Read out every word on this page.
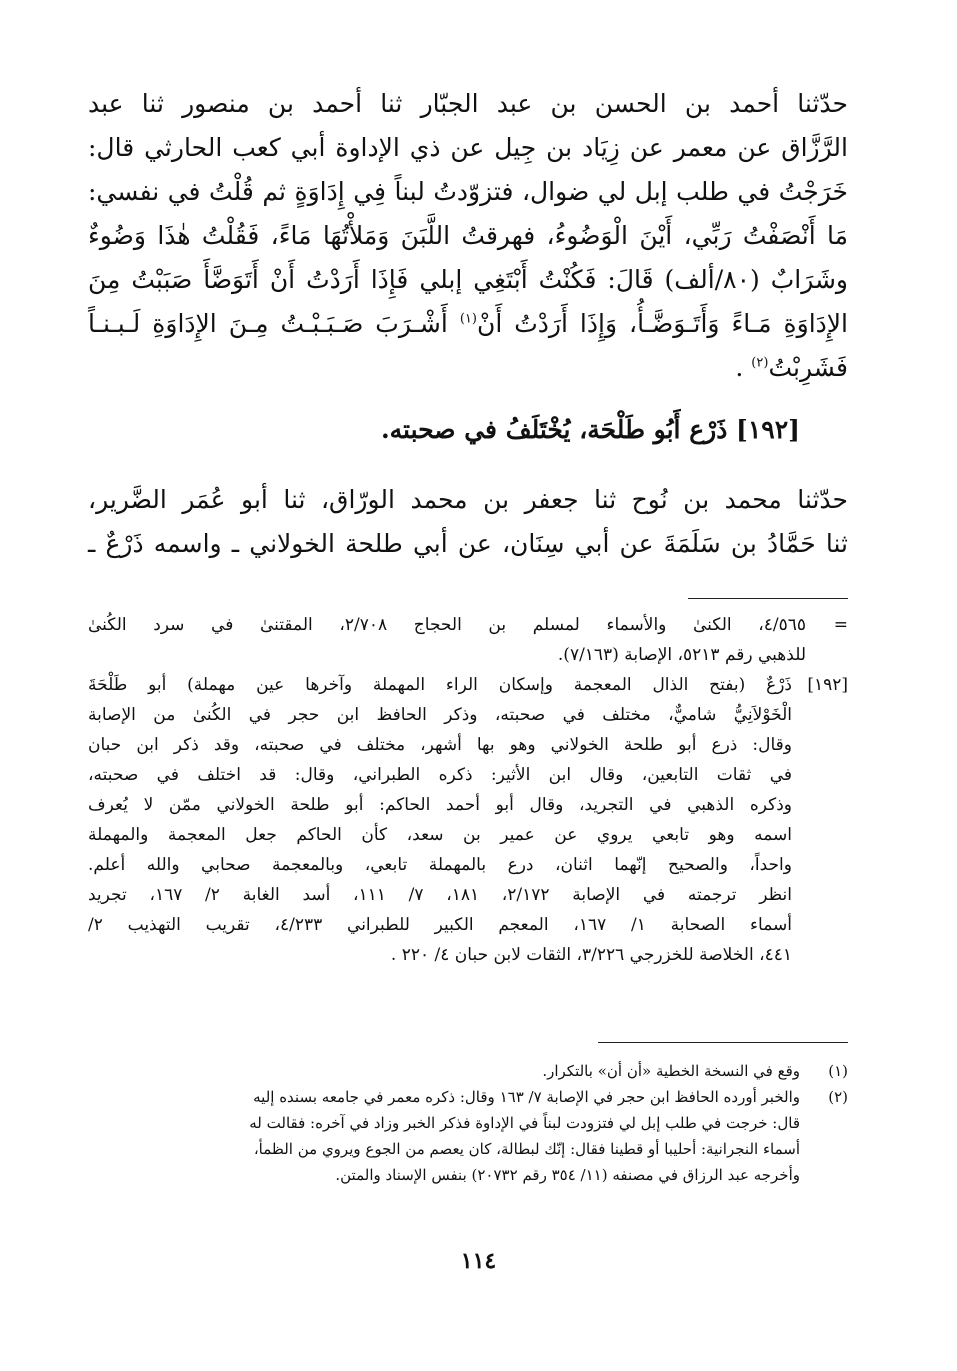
حدّثنا أحمد بن الحسن بن عبد الجبّار ثنا أحمد بن منصور ثنا عبد
الرَّزَّاق عن معمر عن زِيَاد بن جِيل عن ذي الإداوة أبي كعب الحارثي قال:
خَرَجْتُ في طلب إبل لي ضوال، فتزوّدتُ لبناً فِي إِدَاوَةٍ ثم قُلْتُ في نفسي:
مَا أَنْصَفْتُ رَبِّي، أَيْنَ الْوَضُوءُ، فهرقتُ اللَّبَنَ وَمَلأْتُهَا مَاءً، فَقُلْتُ هٰذَا وَضُوءٌ
وشَرَابٌ (٨٠/ألف) قَالَ: فَكُنْتُ أَبْتَغِي إبلي فَإِذَا أَرَدْتُ أَنْ أَتَوَضَّأَ صَبَبْتُ مِنَ
الإِدَاوَةِ مَـاءً وَأَتَـوَضَّـأُ، وَإِذَا أَرَدْتُ أَنْ$^{(١)}$ أَشْـرَبَ صَـبَـبْـتُ مِـنَ الإِدَاوَةِ لَـبـنـاً
فَشَرِبْتُ$^{(٢)}$ .
[١٩٢] ذَرْع أَبُو طَلْحَة، يُخْتَلَفُ في صحبته.
حدّثنا محمد بن نُوح ثنا جعفر بن محمد الورّاق، ثنا أبو عُمَر الضَّرير،
ثنا حَمَّادُ بن سَلَمَةَ عن أبي سِنَان، عن أبي طلحة الخولاني ـ واسمه ذَرْعٌ ـ
=
٤/٥٦٥، الكنىٰ والأسماء لمسلم بن الحجاج ٢/٧٠٨، المقتنىٰ في سرد الكُنىٰ
للذهبي رقم ٥٢١٣، الإصابة (٧/١٦٣).
[١٩٢]
ذَرْعٌ (بفتح الذال المعجمة وإسكان الراء المهملة وآخرها عين مهملة) أبو طَلْحَةَ
الْخَوْلاَنِيُّ شاميٌّ، مختلف في صحبته، وذكر الحافظ ابن حجر في الكُنىٰ من الإصابة
وقال: ذرع أبو طلحة الخولاني وهو بها أشهر، مختلف في صحبته، وقد ذكر ابن حبان
في ثقات التابعين، وقال ابن الأثير: ذكره الطبراني، وقال: قد اختلف في صحبته،
وذكره الذهبي في التجريد، وقال أبو أحمد الحاكم: أبو طلحة الخولاني ممّن لا يُعرف
اسمه وهو تابعي يروي عن عمير بن سعد، كأن الحاكم جعل المعجمة والمهملة
واحداً، والصحيح إنّهما اثنان، درع بالمهملة تابعي، وبالمعجمة صحابي والله أعلم.
انظر ترجمته في الإصابة ٢/١٧٢، ١٨١، ٧/ ١١١، أسد الغابة ٢/ ١٦٧، تجريد
أسماء الصحابة ١/ ١٦٧، المعجم الكبير للطبراني ٤/٢٣٣، تقريب التهذيب ٢/
٤٤١، الخلاصة للخزرجي ٣/٢٢٦، الثقات لابن حبان ٤/ ٢٢٠ .
(١)
وقع في النسخة الخطية «أن أن» بالتكرار.
(٢)
والخبر أورده الحافظ ابن حجر في الإصابة ٧/ ١٦٣ وقال: ذكره معمر في جامعه بسنده إليه
قال: خرجت في طلب إبل لي فتزودت لبناً في الإداوة فذكر الخبر وزاد في آخره: فقالت له
أسماء النجرانية: أحليبا أو قطينا فقال: إنّك لبطالة، كان يعصم من الجوع ويروي من الظمأ،
وأخرجه عبد الرزاق في مصنفه (١١/ ٣٥٤ رقم ٢٠٧٣٢) بنفس الإسناد والمتن.
١١٤
